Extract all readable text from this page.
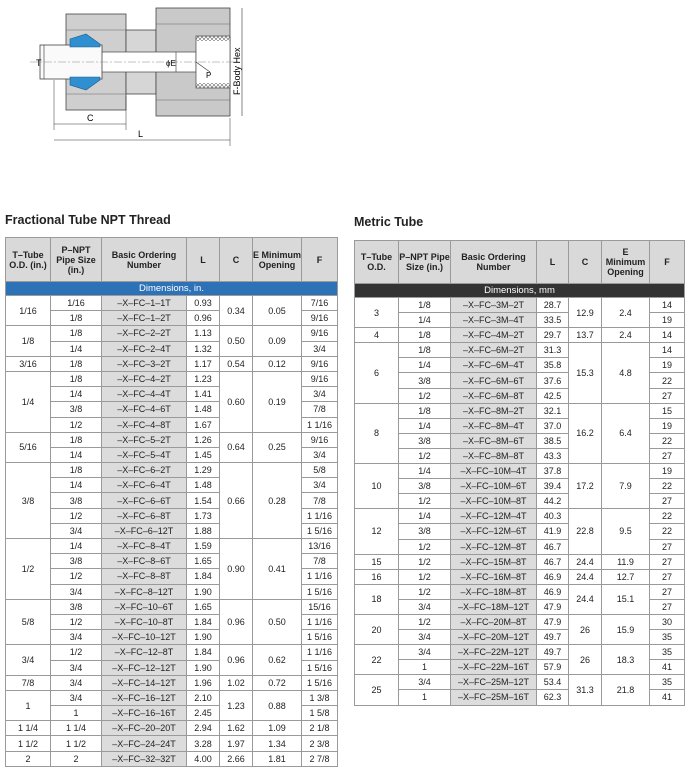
T	ϕE
P F-Body Hex
C
L
Fractional Tube NPT Thread	Metric Tube
T–Tube O.D. (in.)	P–NPT Pipe Size (in.)	Basic Ordering Number	L	C	E Minimum Opening	F
Dimensions, in.						
1/16	1/16	–X–FC–1–1T	0.93	0.34	0.05	7/16
	1/8	–X–FC–1–2T	0.96			9/16
1/8	1/8	–X–FC–2–2T	1.13	0.50	0.09	9/16
	1/4	–X–FC–2–4T	1.32			3/4
3/16	1/8	–X–FC–3–2T	1.17	0.54	0.12	9/16
1/4	1/8	–X–FC–4–2T	1.23	0.60	0.19	9/16
	1/4	–X–FC–4–4T	1.41			3/4
	3/8	–X–FC–4–6T	1.48			7/8
	1/2	–X–FC–4–8T	1.67			1 1/16
5/16	1/8	–X–FC–5–2T	1.26	0.64	0.25	9/16
	1/4	–X–FC–5–4T	1.45			3/4
3/8	1/8	–X–FC–6–2T	1.29	0.66	0.28	5/8
	1/4	–X–FC–6–4T	1.48			3/4
	3/8	–X–FC–6–6T	1.54			7/8
	1/2	–X–FC–6–8T	1.73			1 1/16
	3/4	–X–FC–6–12T	1.88			1 5/16
1/2	1/4	–X–FC–8–4T	1.59	0.90	0.41	13/16
	3/8	–X–FC–8–6T	1.65			7/8
	1/2	–X–FC–8–8T	1.84			1 1/16
	3/4	–X–FC–8–12T	1.90			1 5/16
5/8	3/8	–X–FC–10–6T	1.65	0.96	0.50	15/16
	1/2	–X–FC–10–8T	1.84			1 1/16
	3/4	–X–FC–10–12T	1.90			1 5/16
3/4	1/2	–X–FC–12–8T	1.84	0.96	0.62	1 1/16
	3/4	–X–FC–12–12T	1.90			1 5/16
7/8	3/4	–X–FC–14–12T	1.96	1.02	0.72	1 5/16
1	3/4	–X–FC–16–12T	2.10	1.23	0.88	1 3/8
	1	–X–FC–16–16T	2.45			1 5/8
1 1/4	1 1/4	–X–FC–20–20T	2.94	1.62	1.09	2 1/8
1 1/2	1 1/2	–X–FC–24–24T	3.28	1.97	1.34	2 3/8
2	2	–X–FC–32–32T	4.00	2.66	1.81	2 7/8
T–Tube O.D.	P–NPT Pipe Size (in.)	Basic Ordering Number	L	C	E Minimum Opening	F
Dimensions, mm						
3	1/8	–X–FC–3M–2T	28.7	12.9	2.4	14
	1/4	–X–FC–3M–4T	33.5			19
4	1/8	–X–FC–4M–2T	29.7	13.7	2.4	14
6	1/8	–X–FC–6M–2T	31.3	15.3	4.8	14
	1/4	–X–FC–6M–4T	35.8			19
	3/8	–X–FC–6M–6T	37.6			22
	1/2	–X–FC–6M–8T	42.5			27
8	1/8	–X–FC–8M–2T	32.1	16.2	6.4	15
	1/4	–X–FC–8M–4T	37.0			19
	3/8	–X–FC–8M–6T	38.5			22
	1/2	–X–FC–8M–8T	43.3			27
10	1/4	–X–FC–10M–4T	37.8	17.2	7.9	19
	3/8	–X–FC–10M–6T	39.4			22
	1/2	–X–FC–10M–8T	44.2			27
12	1/4	–X–FC–12M–4T	40.3	22.8	9.5	22
	3/8	–X–FC–12M–6T	41.9			22
	1/2	–X–FC–12M–8T	46.7			27
15	1/2	–X–FC–15M–8T	46.7	24.4	11.9	27
16	1/2	–X–FC–16M–8T	46.9	24.4	12.7	27
18	1/2	–X–FC–18M–8T	46.9	24.4	15.1	27
	3/4	–X–FC–18M–12T	47.9			27
20	1/2	–X–FC–20M–8T	47.9	26	15.9	30
	3/4	–X–FC–20M–12T	49.7			35
22	3/4	–X–FC–22M–12T	49.7	26	18.3	35
	1	–X–FC–22M–16T	57.9			41
25	3/4	–X–FC–25M–12T	53.4	31.3	21.8	35
	1	–X–FC–25M–16T	62.3			41
